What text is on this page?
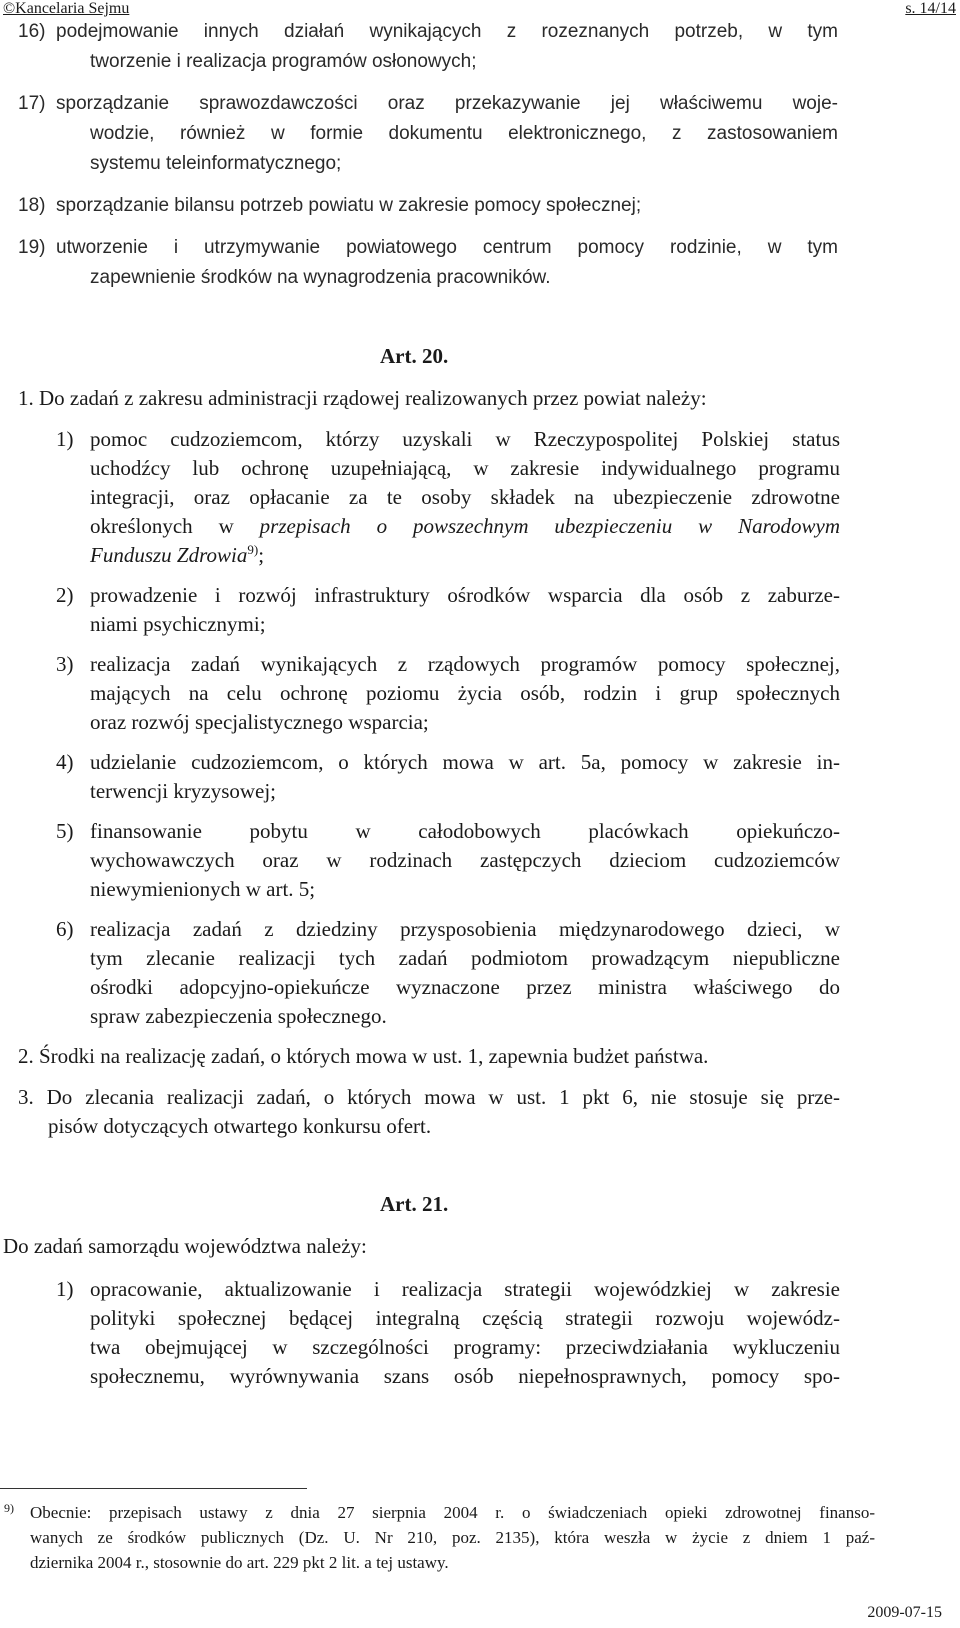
©Kancelaria Sejmu	s. 14/14
16) podejmowanie innych działań wynikających z rozeznanych potrzeb, w tym
tworzenie i realizacja programów osłonowych;
17) sporządzanie sprawozdawczości oraz przekazywanie jej właściwemu woje-
wodzie, również w formie dokumentu elektronicznego, z zastosowaniem
systemu teleinformatycznego;
18) sporządzanie bilansu potrzeb powiatu w zakresie pomocy społecznej;
19) utworzenie i utrzymywanie powiatowego centrum pomocy rodzinie, w tym
zapewnienie środków na wynagrodzenia pracowników.
Art. 20.
1. Do zadań z zakresu administracji rządowej realizowanych przez powiat należy:
1) pomoc cudzoziemcom, którzy uzyskali w Rzeczypospolitej Polskiej status
uchodźcy lub ochronę uzupełniającą, w zakresie indywidualnego programu
integracji, oraz opłacanie za te osoby składek na ubezpieczenie zdrowotne
określonych w przepisach o powszechnym ubezpieczeniu w Narodowym
Funduszu Zdrowia$^{9)}$;
2) prowadzenie i rozwój infrastruktury ośrodków wsparcia dla osób z zaburze-
niami psychicznymi;
3) realizacja zadań wynikających z rządowych programów pomocy społecznej,
mających na celu ochronę poziomu życia osób, rodzin i grup społecznych
oraz rozwój specjalistycznego wsparcia;
4) udzielanie cudzoziemcom, o których mowa w art. 5a, pomocy w zakresie in-
terwencji kryzysowej;
5) finansowanie pobytu w całodobowych placówkach opiekuńczo-
wychowawczych oraz w rodzinach zastępczych dzieciom cudzoziemców
niewymienionych w art. 5;
6) realizacja zadań z dziedziny przysposobienia międzynarodowego dzieci, w
tym zlecanie realizacji tych zadań podmiotom prowadzącym niepubliczne
ośrodki adopcyjno-opiekuńcze wyznaczone przez ministra właściwego do
spraw zabezpieczenia społecznego.
2. Środki na realizację zadań, o których mowa w ust. 1, zapewnia budżet państwa.
3. Do zlecania realizacji zadań, o których mowa w ust. 1 pkt 6, nie stosuje się prze-
pisów dotyczących otwartego konkursu ofert.
Art. 21.
Do zadań samorządu województwa należy:
1) opracowanie, aktualizowanie i realizacja strategii wojewódzkiej w zakresie
polityki społecznej będącej integralną częścią strategii rozwoju wojewódz-
twa obejmującej w szczególności programy: przeciwdziałania wykluczeniu
społecznemu, wyrównywania szans osób niepełnosprawnych, pomocy spo-
9) Obecnie: przepisach ustawy z dnia 27 sierpnia 2004 r. o świadczeniach opieki zdrowotnej finanso-
wanych ze środków publicznych (Dz. U. Nr 210, poz. 2135), która weszła w życie z dniem 1 paź-
dziernika 2004 r., stosownie do art. 229 pkt 2 lit. a tej ustawy.
2009-07-15
